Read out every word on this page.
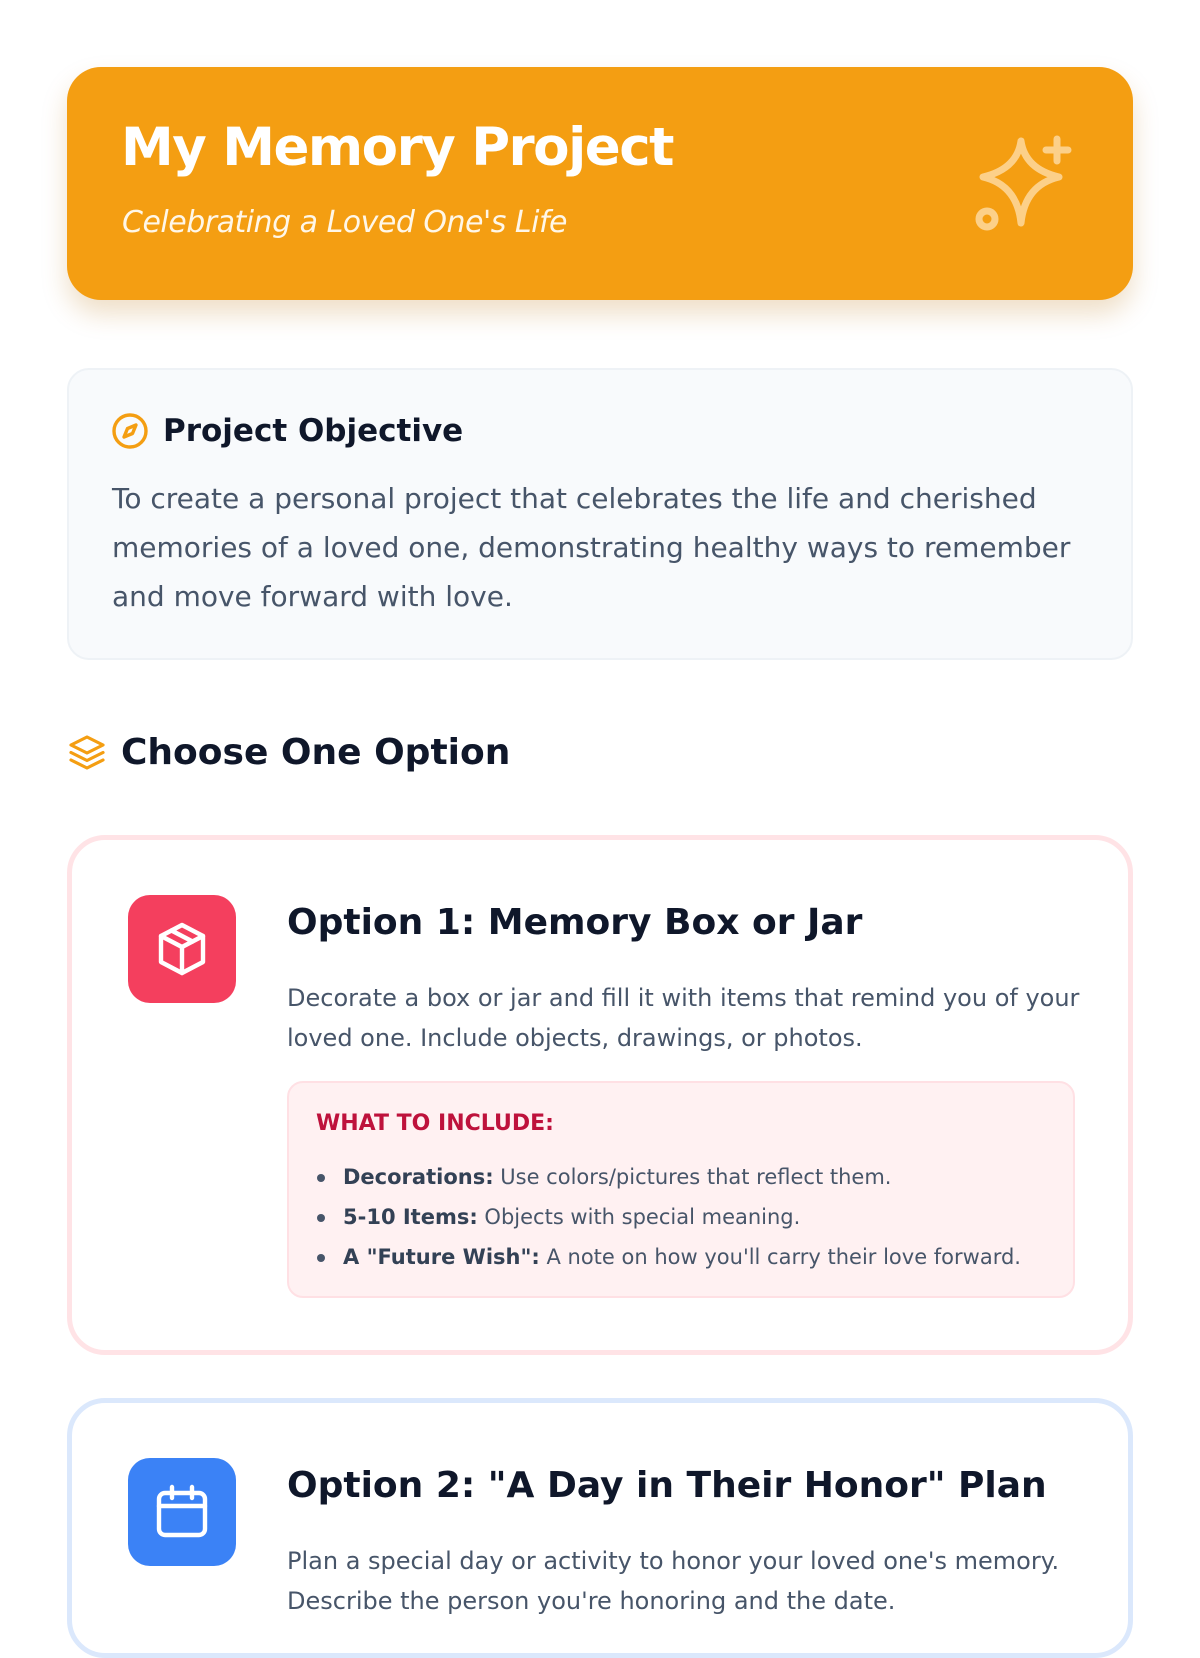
My Memory Project
Celebrating a Loved One's Life
Project Objective
To create a personal project that celebrates the life and cherished memories of a loved one, demonstrating healthy ways to remember and move forward with love.
Choose One Option
Option 1: Memory Box or Jar
Decorate a box or jar and fill it with items that remind you of your loved one. Include objects, drawings, or photos.
WHAT TO INCLUDE:
Decorations: Use colors/pictures that reflect them.
5-10 Items: Objects with special meaning.
A "Future Wish": A note on how you'll carry their love forward.
Option 2: "A Day in Their Honor" Plan
Plan a special day or activity to honor your loved one's memory. Describe the person you're honoring and the date.
